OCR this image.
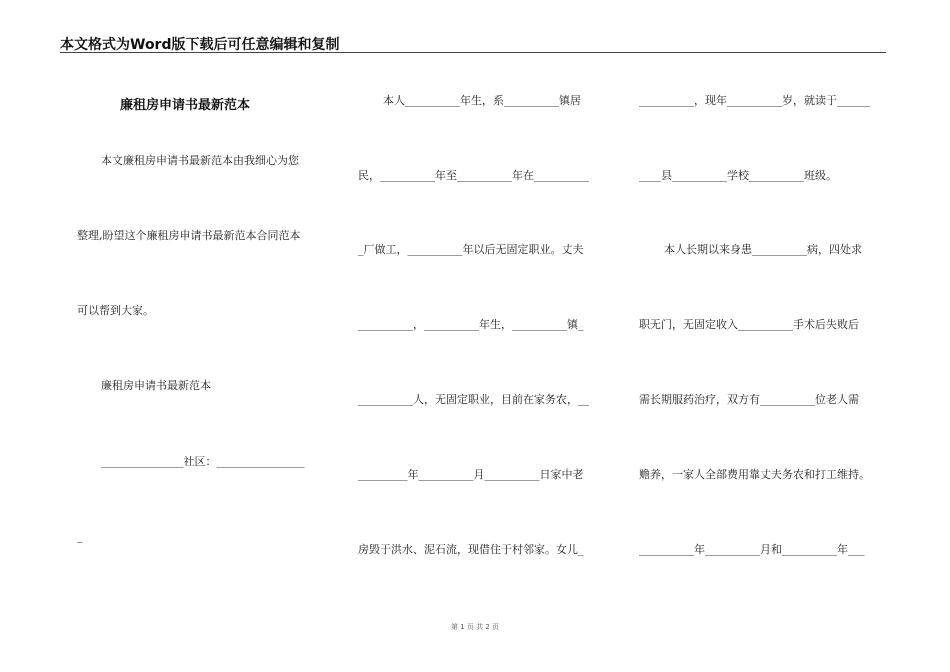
本文格式为Word版下载后可任意编辑和复制
廉租房申请书最新范本
本文廉租房申请书最新范本由我细心为您
整理,盼望这个廉租房申请书最新范本合同范本
可以帮到大家。
廉租房申请书最新范本
_______________社区：________________
_
本人__________年生，系__________镇居
民，__________年至__________年在__________
_厂做工，__________年以后无固定职业。丈夫
__________，__________年生，__________镇_
__________人，无固定职业，目前在家务农，__
_________年__________月__________日家中老
房毁于洪水、泥石流，现借住于村邻家。女儿_
__________，现年__________岁，就读于______
____县__________学校__________班级。
本人长期以来身患__________病，四处求
职无门，无固定收入__________手术后失败后
需长期服药治疗，双方有__________位老人需
赡养，一家人全部费用靠丈夫务农和打工维持。
__________年__________月和__________年___
第 1 页 共 2 页
